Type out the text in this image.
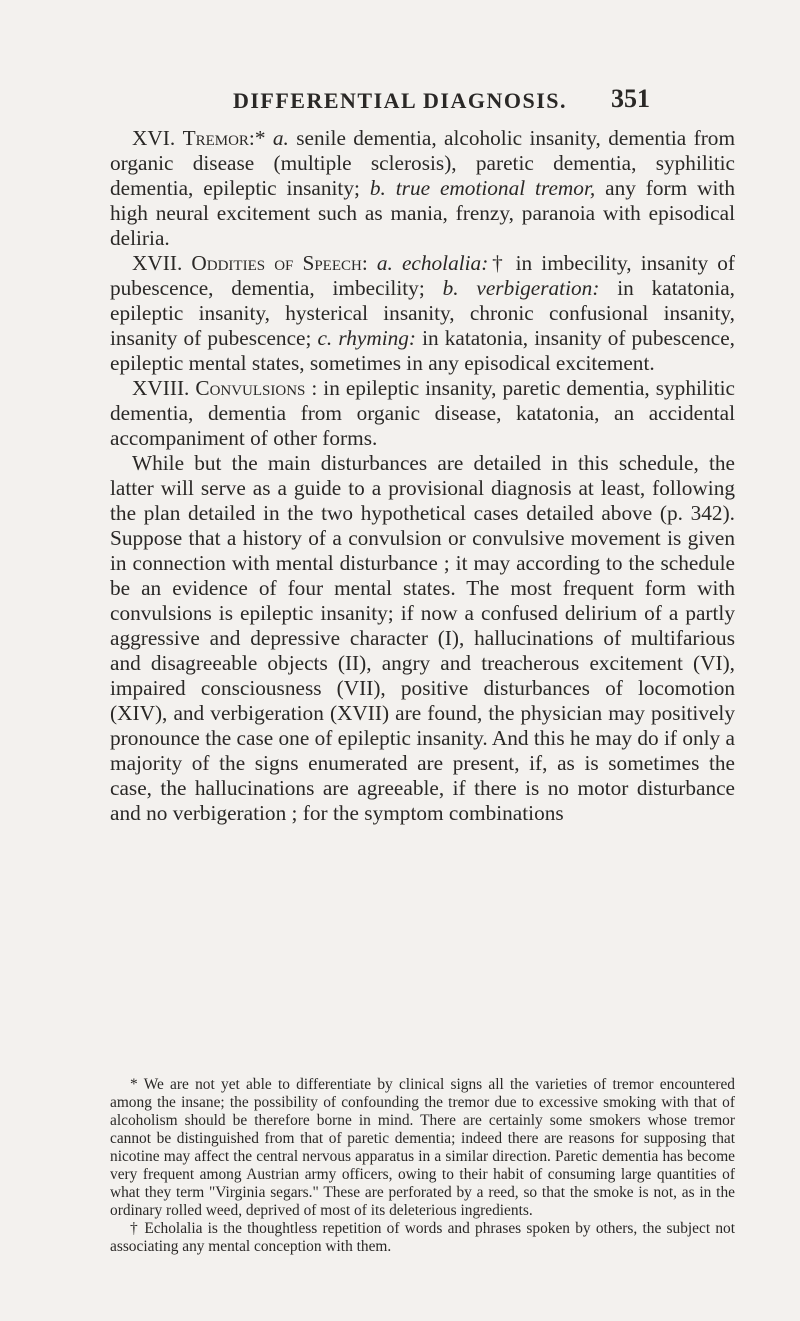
DIFFERENTIAL DIAGNOSIS.	351

XVI. Tremor:* a. senile dementia, alcoholic insanity, dementia from organic disease (multiple sclerosis), paretic dementia, syphilitic dementia, epileptic insanity; b. true emotional tremor, any form with high neural excitement such as mania, frenzy, paranoia with episodical deliria.

XVII. Oddities of Speech: a. echolalia:† in imbecility, insanity of pubescence, dementia, imbecility; b. verbigeration: in katatonia, epileptic insanity, hysterical insanity, chronic confusional insanity, insanity of pubescence; c. rhyming: in katatonia, insanity of pubescence, epileptic mental states, sometimes in any episodical excitement.

XVIII. Convulsions : in epileptic insanity, paretic dementia, syphilitic dementia, dementia from organic disease, katatonia, an accidental accompaniment of other forms.

While but the main disturbances are detailed in this schedule, the latter will serve as a guide to a provisional diagnosis at least, following the plan detailed in the two hypothetical cases detailed above (p. 342). Suppose that a history of a convulsion or convulsive movement is given in connection with mental disturbance ; it may according to the schedule be an evidence of four mental states. The most frequent form with convulsions is epileptic insanity; if now a confused delirium of a partly aggressive and depressive character (I), hallucinations of multifarious and disagreeable objects (II), angry and treacherous excitement (VI), impaired consciousness (VII), positive disturbances of locomotion (XIV), and verbigeration (XVII) are found, the physician may positively pronounce the case one of epileptic insanity. And this he may do if only a majority of the signs enumerated are present, if, as is sometimes the case, the hallucinations are agreeable, if there is no motor disturbance and no verbigeration ; for the symptom combinations

* We are not yet able to differentiate by clinical signs all the varieties of tremor encountered among the insane; the possibility of confounding the tremor due to excessive smoking with that of alcoholism should be therefore borne in mind. There are certainly some smokers whose tremor cannot be distinguished from that of paretic dementia; indeed there are reasons for supposing that nicotine may affect the central nervous apparatus in a similar direction. Paretic dementia has become very frequent among Austrian army officers, owing to their habit of consuming large quantities of what they term "Virginia segars." These are perforated by a reed, so that the smoke is not, as in the ordinary rolled weed, deprived of most of its deleterious ingredients.

† Echolalia is the thoughtless repetition of words and phrases spoken by others, the subject not associating any mental conception with them.
